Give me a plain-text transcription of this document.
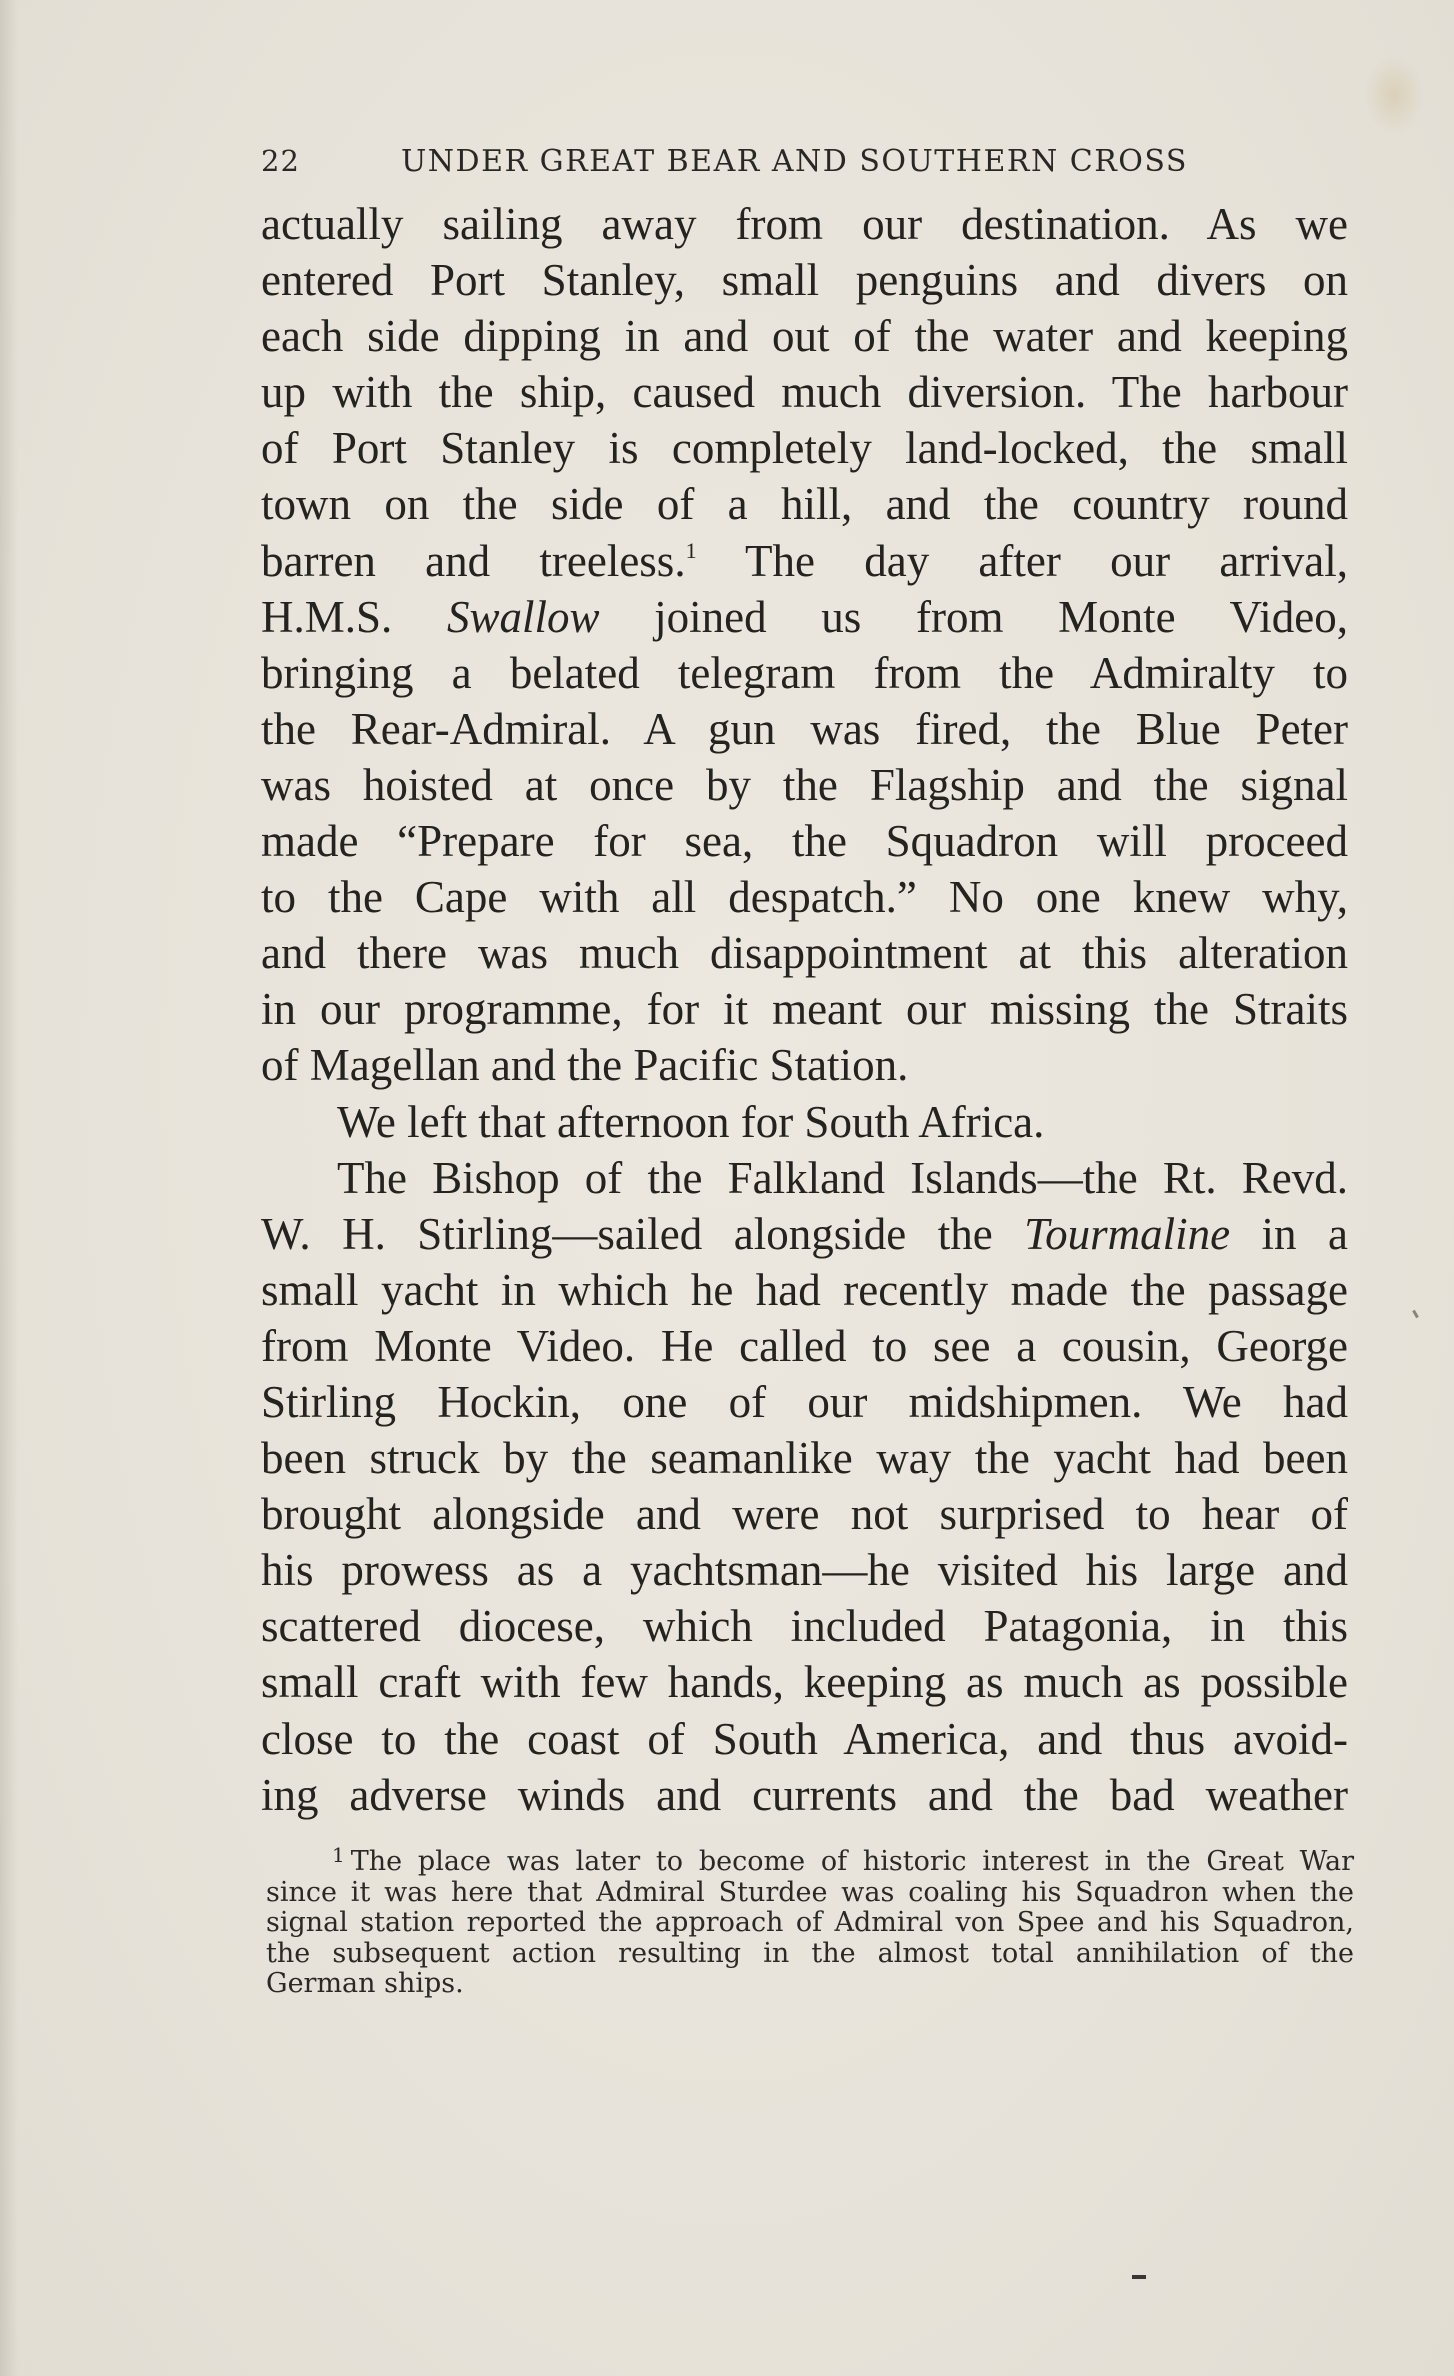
22	UNDER GREAT BEAR AND SOUTHERN CROSS
actually sailing away from our destination. As we
entered Port Stanley, small penguins and divers on
each side dipping in and out of the water and keeping
up with the ship, caused much diversion. The harbour
of Port Stanley is completely land-locked, the small
town on the side of a hill, and the country round
barren and treeless.$^1$ The day after our arrival,
H.M.S. Swallow joined us from Monte Video,
bringing a belated telegram from the Admiralty to
the Rear-Admiral. A gun was fired, the Blue Peter
was hoisted at once by the Flagship and the signal
made “Prepare for sea, the Squadron will proceed
to the Cape with all despatch.” No one knew why,
and there was much disappointment at this alteration
in our programme, for it meant our missing the Straits
of Magellan and the Pacific Station.
We left that afternoon for South Africa.
The Bishop of the Falkland Islands—the Rt. Revd.
W. H. Stirling—sailed alongside the Tourmaline in a
small yacht in which he had recently made the passage
from Monte Video. He called to see a cousin, George
Stirling Hockin, one of our midshipmen. We had
been struck by the seamanlike way the yacht had been
brought alongside and were not surprised to hear of
his prowess as a yachtsman—he visited his large and
scattered diocese, which included Patagonia, in this
small craft with few hands, keeping as much as possible
close to the coast of South America, and thus avoid-
ing adverse winds and currents and the bad weather
$^1$ The place was later to become of historic interest in the Great War
since it was here that Admiral Sturdee was coaling his Squadron when the
signal station reported the approach of Admiral von Spee and his Squadron,
the subsequent action resulting in the almost total annihilation of the
German ships.
